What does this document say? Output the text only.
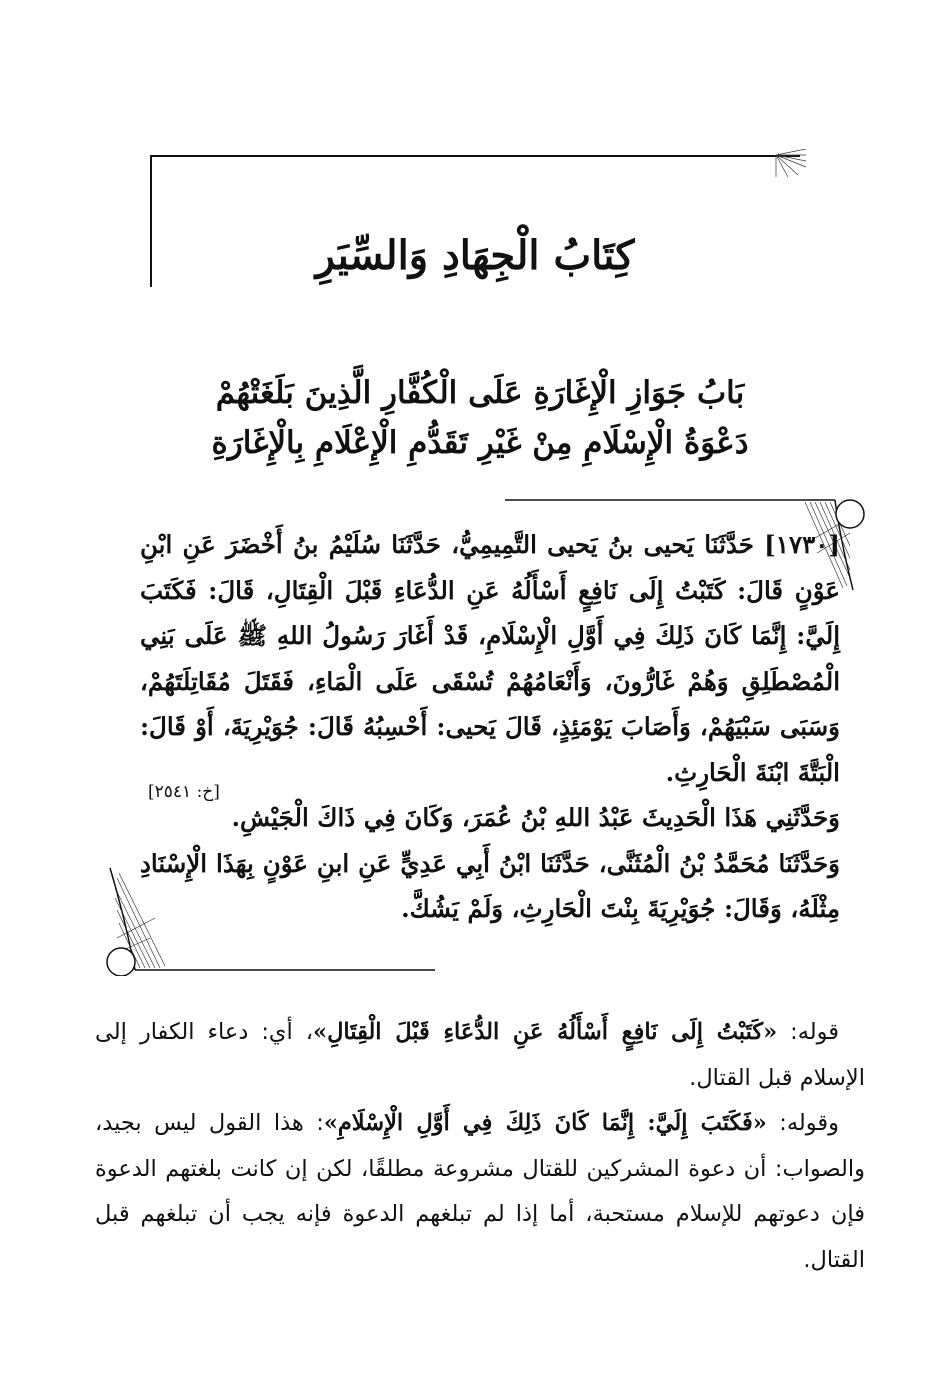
كِتَابُ الْجِهَادِ وَالسِّيَرِ
بَابُ جَوَازِ الْإِغَارَةِ عَلَى الْكُفَّارِ الَّذِينَ بَلَغَتْهُمْ
دَعْوَةُ الْإِسْلَامِ مِنْ غَيْرِ تَقَدُّمِ الْإِعْلَامِ بِالْإِغَارَةِ

[١٧٣٠] حَدَّثَنَا يَحيى بنُ يَحيى التَّمِيمِيُّ، حَدَّثَنَا سُلَيْمُ بنُ أَخْضَرَ عَنِ ابْنِ عَوْنٍ قَالَ: كَتَبْتُ إِلَى نَافِعٍ أَسْأَلُهُ عَنِ الدُّعَاءِ قَبْلَ الْقِتَالِ، قَالَ: فَكَتَبَ إِلَيَّ: إِنَّمَا كَانَ ذَلِكَ فِي أَوَّلِ الْإِسْلَامِ، قَدْ أَغَارَ رَسُولُ اللهِ ﷺ عَلَى بَنِي الْمُصْطَلِقِ وَهُمْ غَارُّونَ، وَأَنْعَامُهُمْ تُسْقَى عَلَى الْمَاءِ، فَقَتَلَ مُقَاتِلَتَهُمْ، وَسَبَى سَبْيَهُمْ، وَأَصَابَ يَوْمَئِذٍ، قَالَ يَحيى: أَحْسِبُهُ قَالَ: جُوَيْرِيَةَ، أَوْ قَالَ: الْبَتَّةَ ابْنَةَ الْحَارِثِ.

وَحَدَّثَنِي هَذَا الْحَدِيثَ عَبْدُ اللهِ بْنُ عُمَرَ، وَكَانَ فِي ذَاكَ الْجَيْشِ.

وَحَدَّثَنَا مُحَمَّدُ بْنُ الْمُثَنَّى، حَدَّثَنَا ابْنُ أَبِي عَدِيٍّ عَنِ ابنِ عَوْنٍ بِهَذَا الْإِسْنَادِ مِثْلَهُ، وَقَالَ: جُوَيْرِيَةَ بِنْتَ الْحَارِثِ، وَلَمْ يَشُكَّ.

[خ: ٢٥٤١]

قوله: «كَتَبْتُ إِلَى نَافِعٍ أَسْأَلُهُ عَنِ الدُّعَاءِ قَبْلَ الْقِتَالِ»، أي: دعاء الكفار إلى الإسلام قبل القتال.

وقوله: «فَكَتَبَ إِلَيَّ: إِنَّمَا كَانَ ذَلِكَ فِي أَوَّلِ الْإِسْلَامِ»: هذا القول ليس بجيد، والصواب: أن دعوة المشركين للقتال مشروعة مطلقًا، لكن إن كانت بلغتهم الدعوة فإن دعوتهم للإسلام مستحبة، أما إذا لم تبلغهم الدعوة فإنه يجب أن تبلغهم قبل القتال.
